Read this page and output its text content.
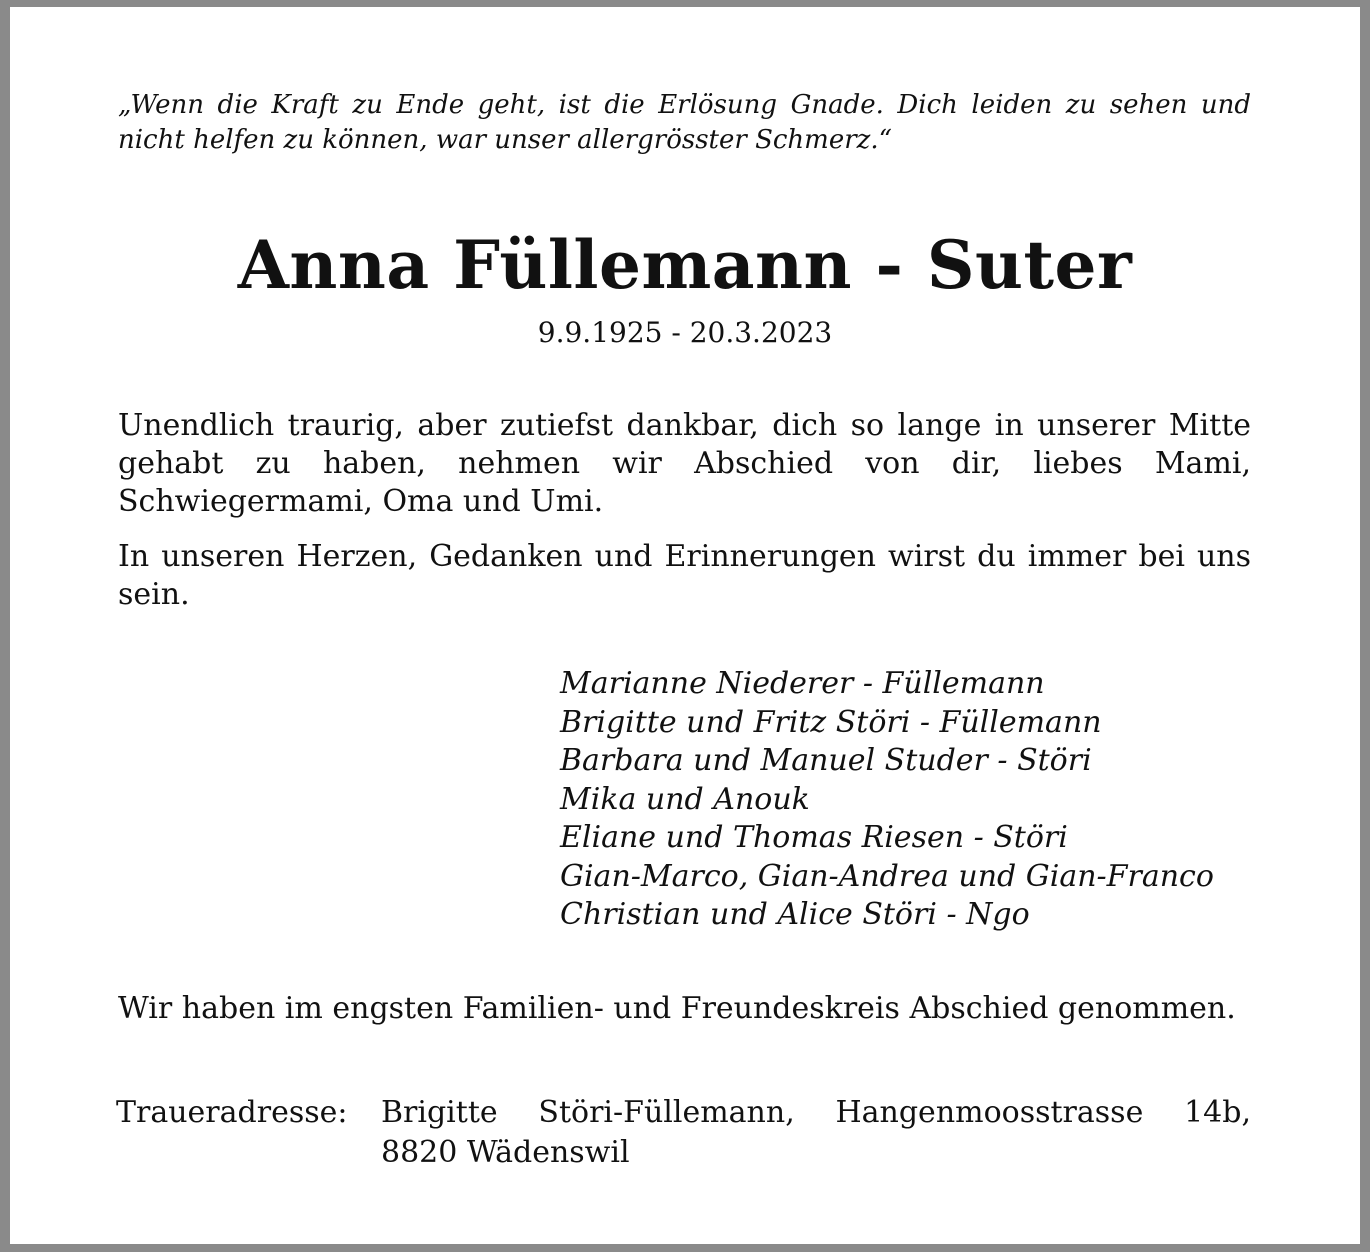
„Wenn die Kraft zu Ende geht, ist die Erlösung Gnade. Dich leiden zu sehen und nicht helfen zu können, war unser allergrösster Schmerz.“
Anna Füllemann - Suter
9.9.1925 - 20.3.2023

Unendlich traurig, aber zutiefst dankbar, dich so lange in unserer Mitte gehabt zu haben, nehmen wir Abschied von dir, liebes Mami, Schwiegermami, Oma und Umi.

In unseren Herzen, Gedanken und Erinnerungen wirst du immer bei uns sein.

Marianne Niederer - Füllemann
Brigitte und Fritz Störi - Füllemann
Barbara und Manuel Studer - Störi
Mika und Anouk
Eliane und Thomas Riesen - Störi
Gian-Marco, Gian-Andrea und Gian-Franco
Christian und Alice Störi - Ngo

Wir haben im engsten Familien- und Freundeskreis Abschied genommen.

Traueradresse: Brigitte Störi-Füllemann, Hangenmoosstrasse 14b,
8820 Wädenswil
